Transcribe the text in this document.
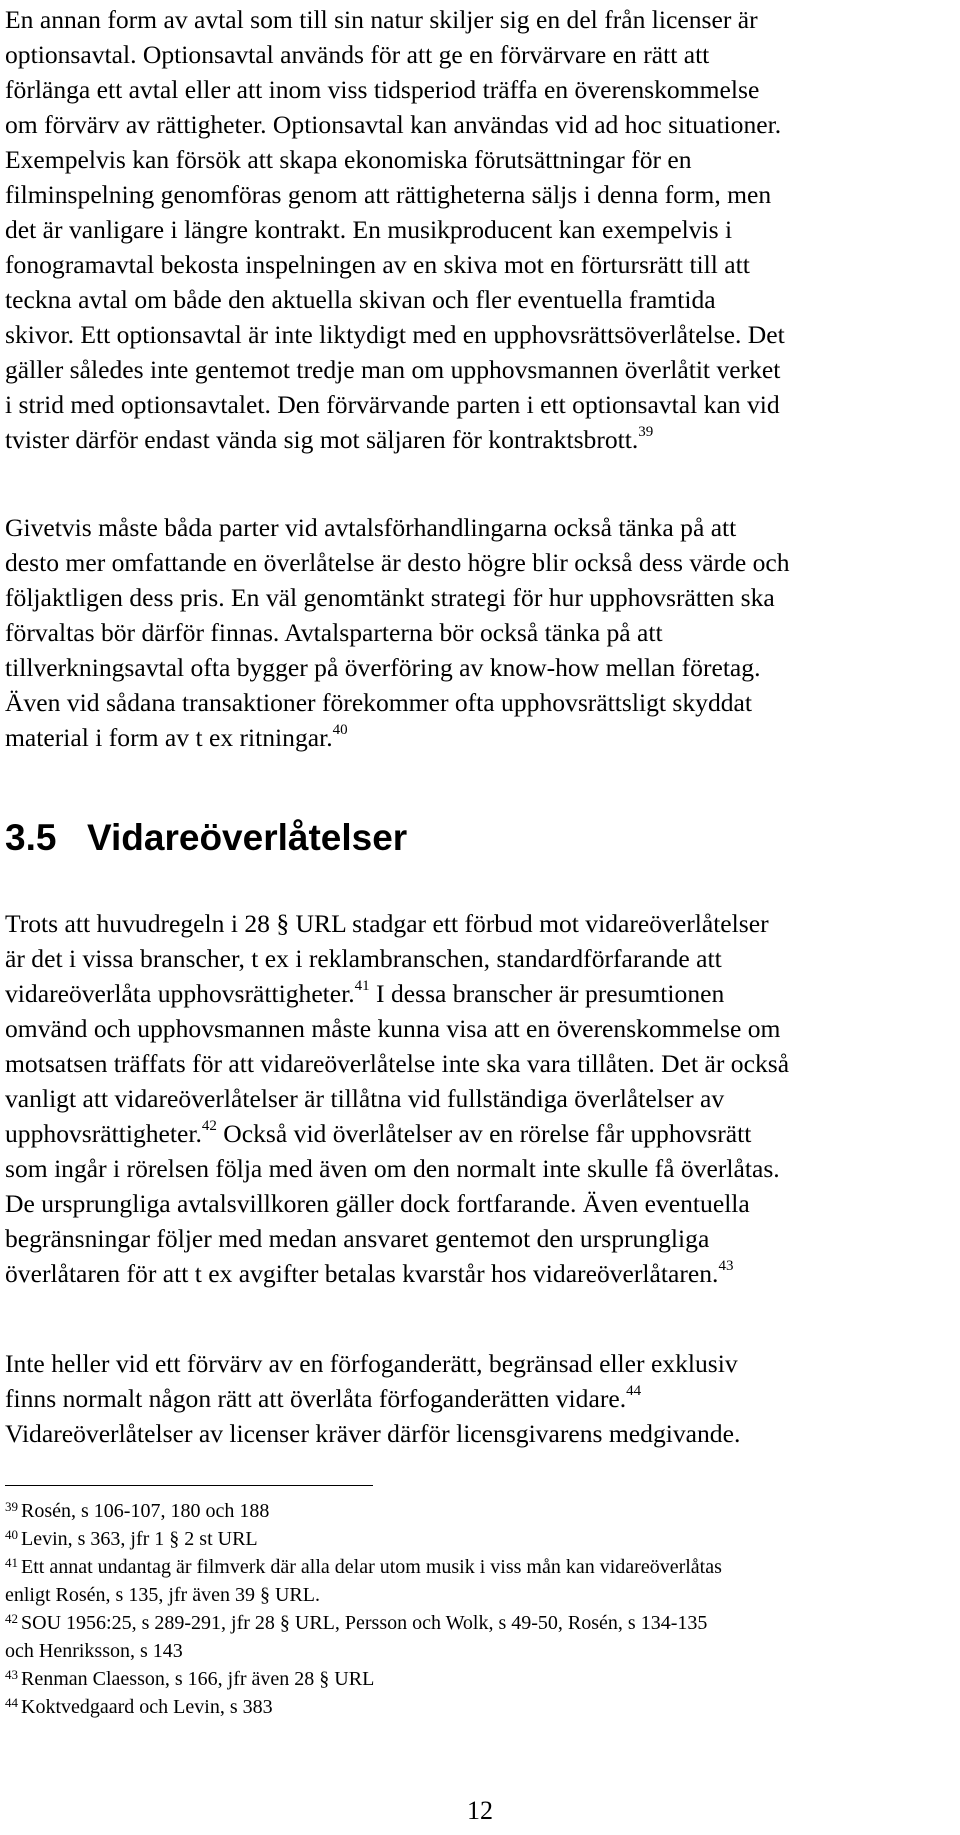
En annan form av avtal som till sin natur skiljer sig en del från licenser är
optionsavtal. Optionsavtal används för att ge en förvärvare en rätt att
förlänga ett avtal eller att inom viss tidsperiod träffa en överenskommelse
om förvärv av rättigheter. Optionsavtal kan användas vid ad hoc situationer.
Exempelvis kan försök att skapa ekonomiska förutsättningar för en
filminspelning genomföras genom att rättigheterna säljs i denna form, men
det är vanligare i längre kontrakt. En musikproducent kan exempelvis i
fonogramavtal bekosta inspelningen av en skiva mot en förtursrätt till att
teckna avtal om både den aktuella skivan och fler eventuella framtida
skivor. Ett optionsavtal är inte liktydigt med en upphovsrättsöverlåtelse. Det
gäller således inte gentemot tredje man om upphovsmannen överlåtit verket
i strid med optionsavtalet. Den förvärvande parten i ett optionsavtal kan vid
tvister därför endast vända sig mot säljaren för kontraktsbrott.$^{39}$

Givetvis måste båda parter vid avtalsförhandlingarna också tänka på att
desto mer omfattande en överlåtelse är desto högre blir också dess värde och
följaktligen dess pris. En väl genomtänkt strategi för hur upphovsrätten ska
förvaltas bör därför finnas. Avtalsparterna bör också tänka på att
tillverkningsavtal ofta bygger på överföring av know-how mellan företag.
Även vid sådana transaktioner förekommer ofta upphovsrättsligt skyddat
material i form av t ex ritningar.$^{40}$

3.5 Vidareöverlåtelser

Trots att huvudregeln i 28 § URL stadgar ett förbud mot vidareöverlåtelser
är det i vissa branscher, t ex i reklambranschen, standardförfarande att
vidareöverlåta upphovsrättigheter.$^{41}$ I dessa branscher är presumtionen
omvänd och upphovsmannen måste kunna visa att en överenskommelse om
motsatsen träffats för att vidareöverlåtelse inte ska vara tillåten. Det är också
vanligt att vidareöverlåtelser är tillåtna vid fullständiga överlåtelser av
upphovsrättigheter.$^{42}$ Också vid överlåtelser av en rörelse får upphovsrätt
som ingår i rörelsen följa med även om den normalt inte skulle få överlåtas.
De ursprungliga avtalsvillkoren gäller dock fortfarande. Även eventuella
begränsningar följer med medan ansvaret gentemot den ursprungliga
överlåtaren för att t ex avgifter betalas kvarstår hos vidareöverlåtaren.$^{43}$

Inte heller vid ett förvärv av en förfoganderätt, begränsad eller exklusiv
finns normalt någon rätt att överlåta förfoganderätten vidare.$^{44}$
Vidareöverlåtelser av licenser kräver därför licensgivarens medgivande.

$^{39}$ Rosén, s 106-107, 180 och 188
$^{40}$ Levin, s 363, jfr 1 § 2 st URL
$^{41}$ Ett annat undantag är filmverk där alla delar utom musik i viss mån kan vidareöverlåtas
enligt Rosén, s 135, jfr även 39 § URL.
$^{42}$ SOU 1956:25, s 289-291, jfr 28 § URL, Persson och Wolk, s 49-50, Rosén, s 134-135
och Henriksson, s 143
$^{43}$ Renman Claesson, s 166, jfr även 28 § URL
$^{44}$ Koktvedgaard och Levin, s 383
12
